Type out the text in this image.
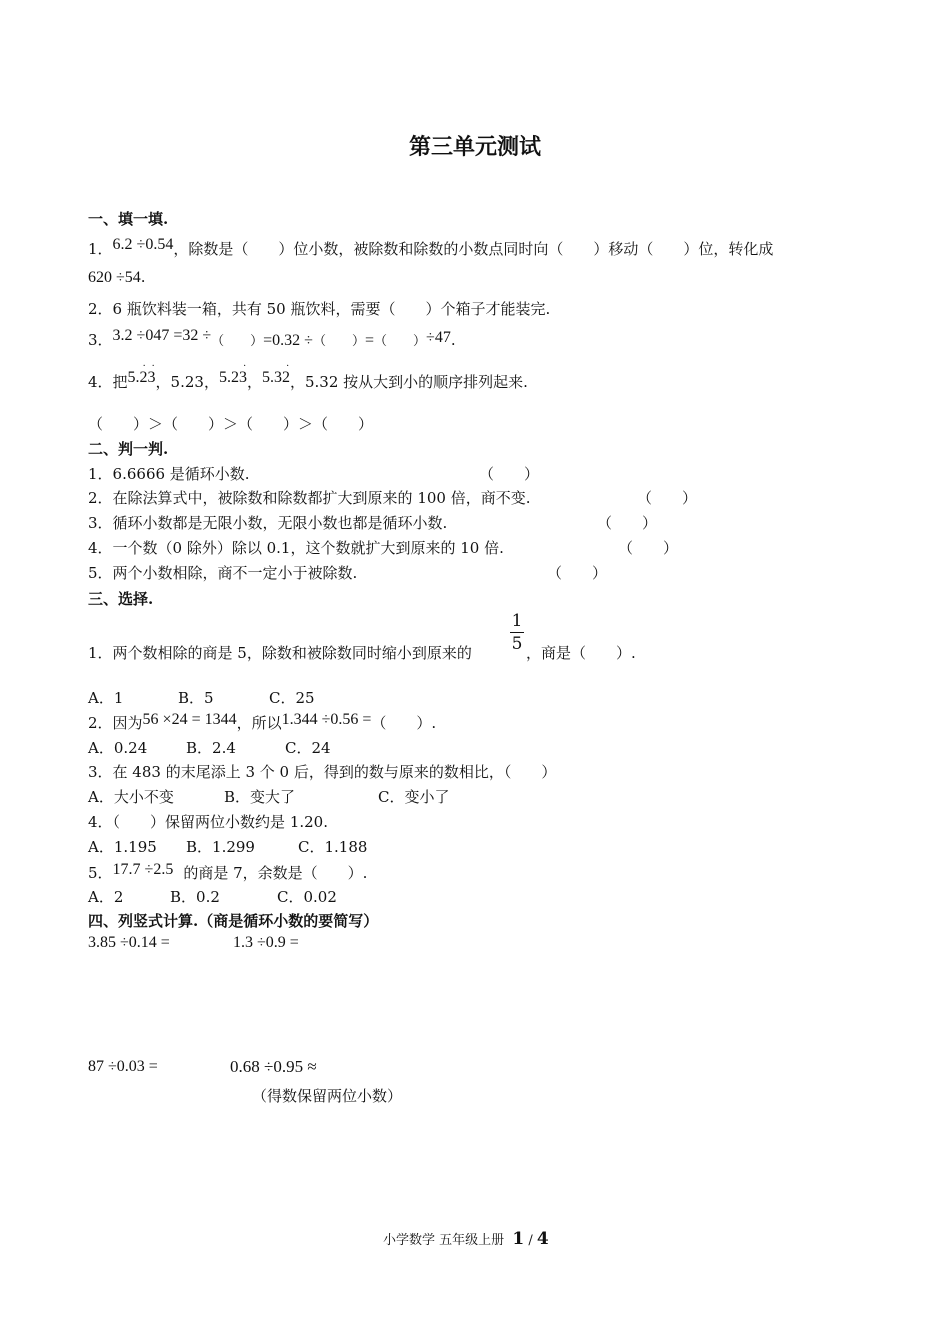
第三单元测试
一、填一填.
1．6.2 ÷0.54，除数是（　　）位小数，被除数和除数的小数点同时向（　　）移动（　　）位，转化成
620 ÷54.
2．6 瓶饮料装一箱，共有 50 瓶饮料，需要（　　）个箱子才能装完.
3．3.2 ÷047 =32 ÷（　　）=0.32 ÷（　　）=（　　）÷47.
4．把5.23
· ·
，5.23，5.23
·
，5.32
·
，5.32 按从大到小的顺序排列起来.
（　　）＞（　　）＞（　　）＞（　　）
二、判一判.
1．6.6666 是循环小数.	（　　）
2．在除法算式中，被除数和除数都扩大到原来的 100 倍，商不变.	（　　）
3．循环小数都是无限小数，无限小数也都是循环小数.	（　　）
4．一个数（0 除外）除以 0.1，这个数就扩大到原来的 10 倍.	（　　）
5．两个小数相除，商不一定小于被除数.	（　　）
三、选择.
1．两个数相除的商是 5，除数和被除数同时缩小到原来的
1
5 ，商是（　　）.
A．1	B．5	C．25
2．因为56 ×24 = 1344，所以1.344 ÷0.56 =（　　）.
A．0.24	B．2.4	C．24
3．在 483 的末尾添上 3 个 0 后，得到的数与原来的数相比，（　　）
A．大小不变	B．变大了	C．变小了
4．（　　）保留两位小数约是 1.20.
A．1.195 B．1.299	C．1.188
5．17.7 ÷2.5 的商是 7，余数是（　　）.
A．2	B．0.2	C．0.02
四、列竖式计算.（商是循环小数的要简写）
3.85 ÷0.14 =	1.3 ÷0.9 =
87 ÷0.03 =	0.68 ÷0.95 ≈
（得数保留两位小数）
小学数学 五年级上册 1 / 4
